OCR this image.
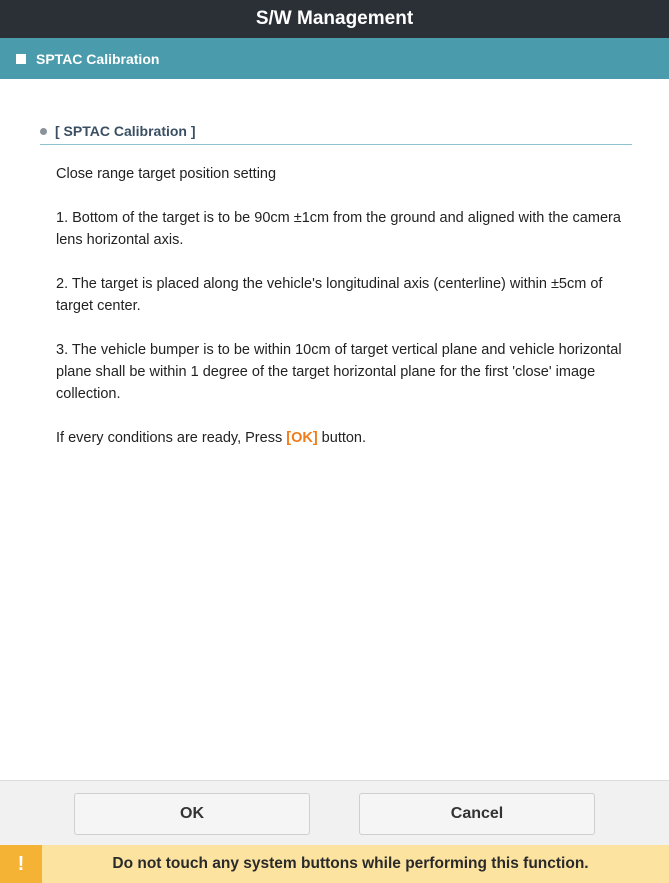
S/W Management
SPTAC Calibration
[ SPTAC Calibration ]

Close range target position setting

1. Bottom of the target is to be 90cm ±1cm from the ground and aligned with the camera lens horizontal axis.

2. The target is placed along the vehicle's longitudinal axis (centerline) within ±5cm of target center.

3. The vehicle bumper is to be within 10cm of target vertical plane and vehicle horizontal plane shall be within 1 degree of the target horizontal plane for the first 'close' image collection.

If every conditions are ready, Press [OK] button.

OK	Cancel
!	Do not touch any system buttons while performing this function.
